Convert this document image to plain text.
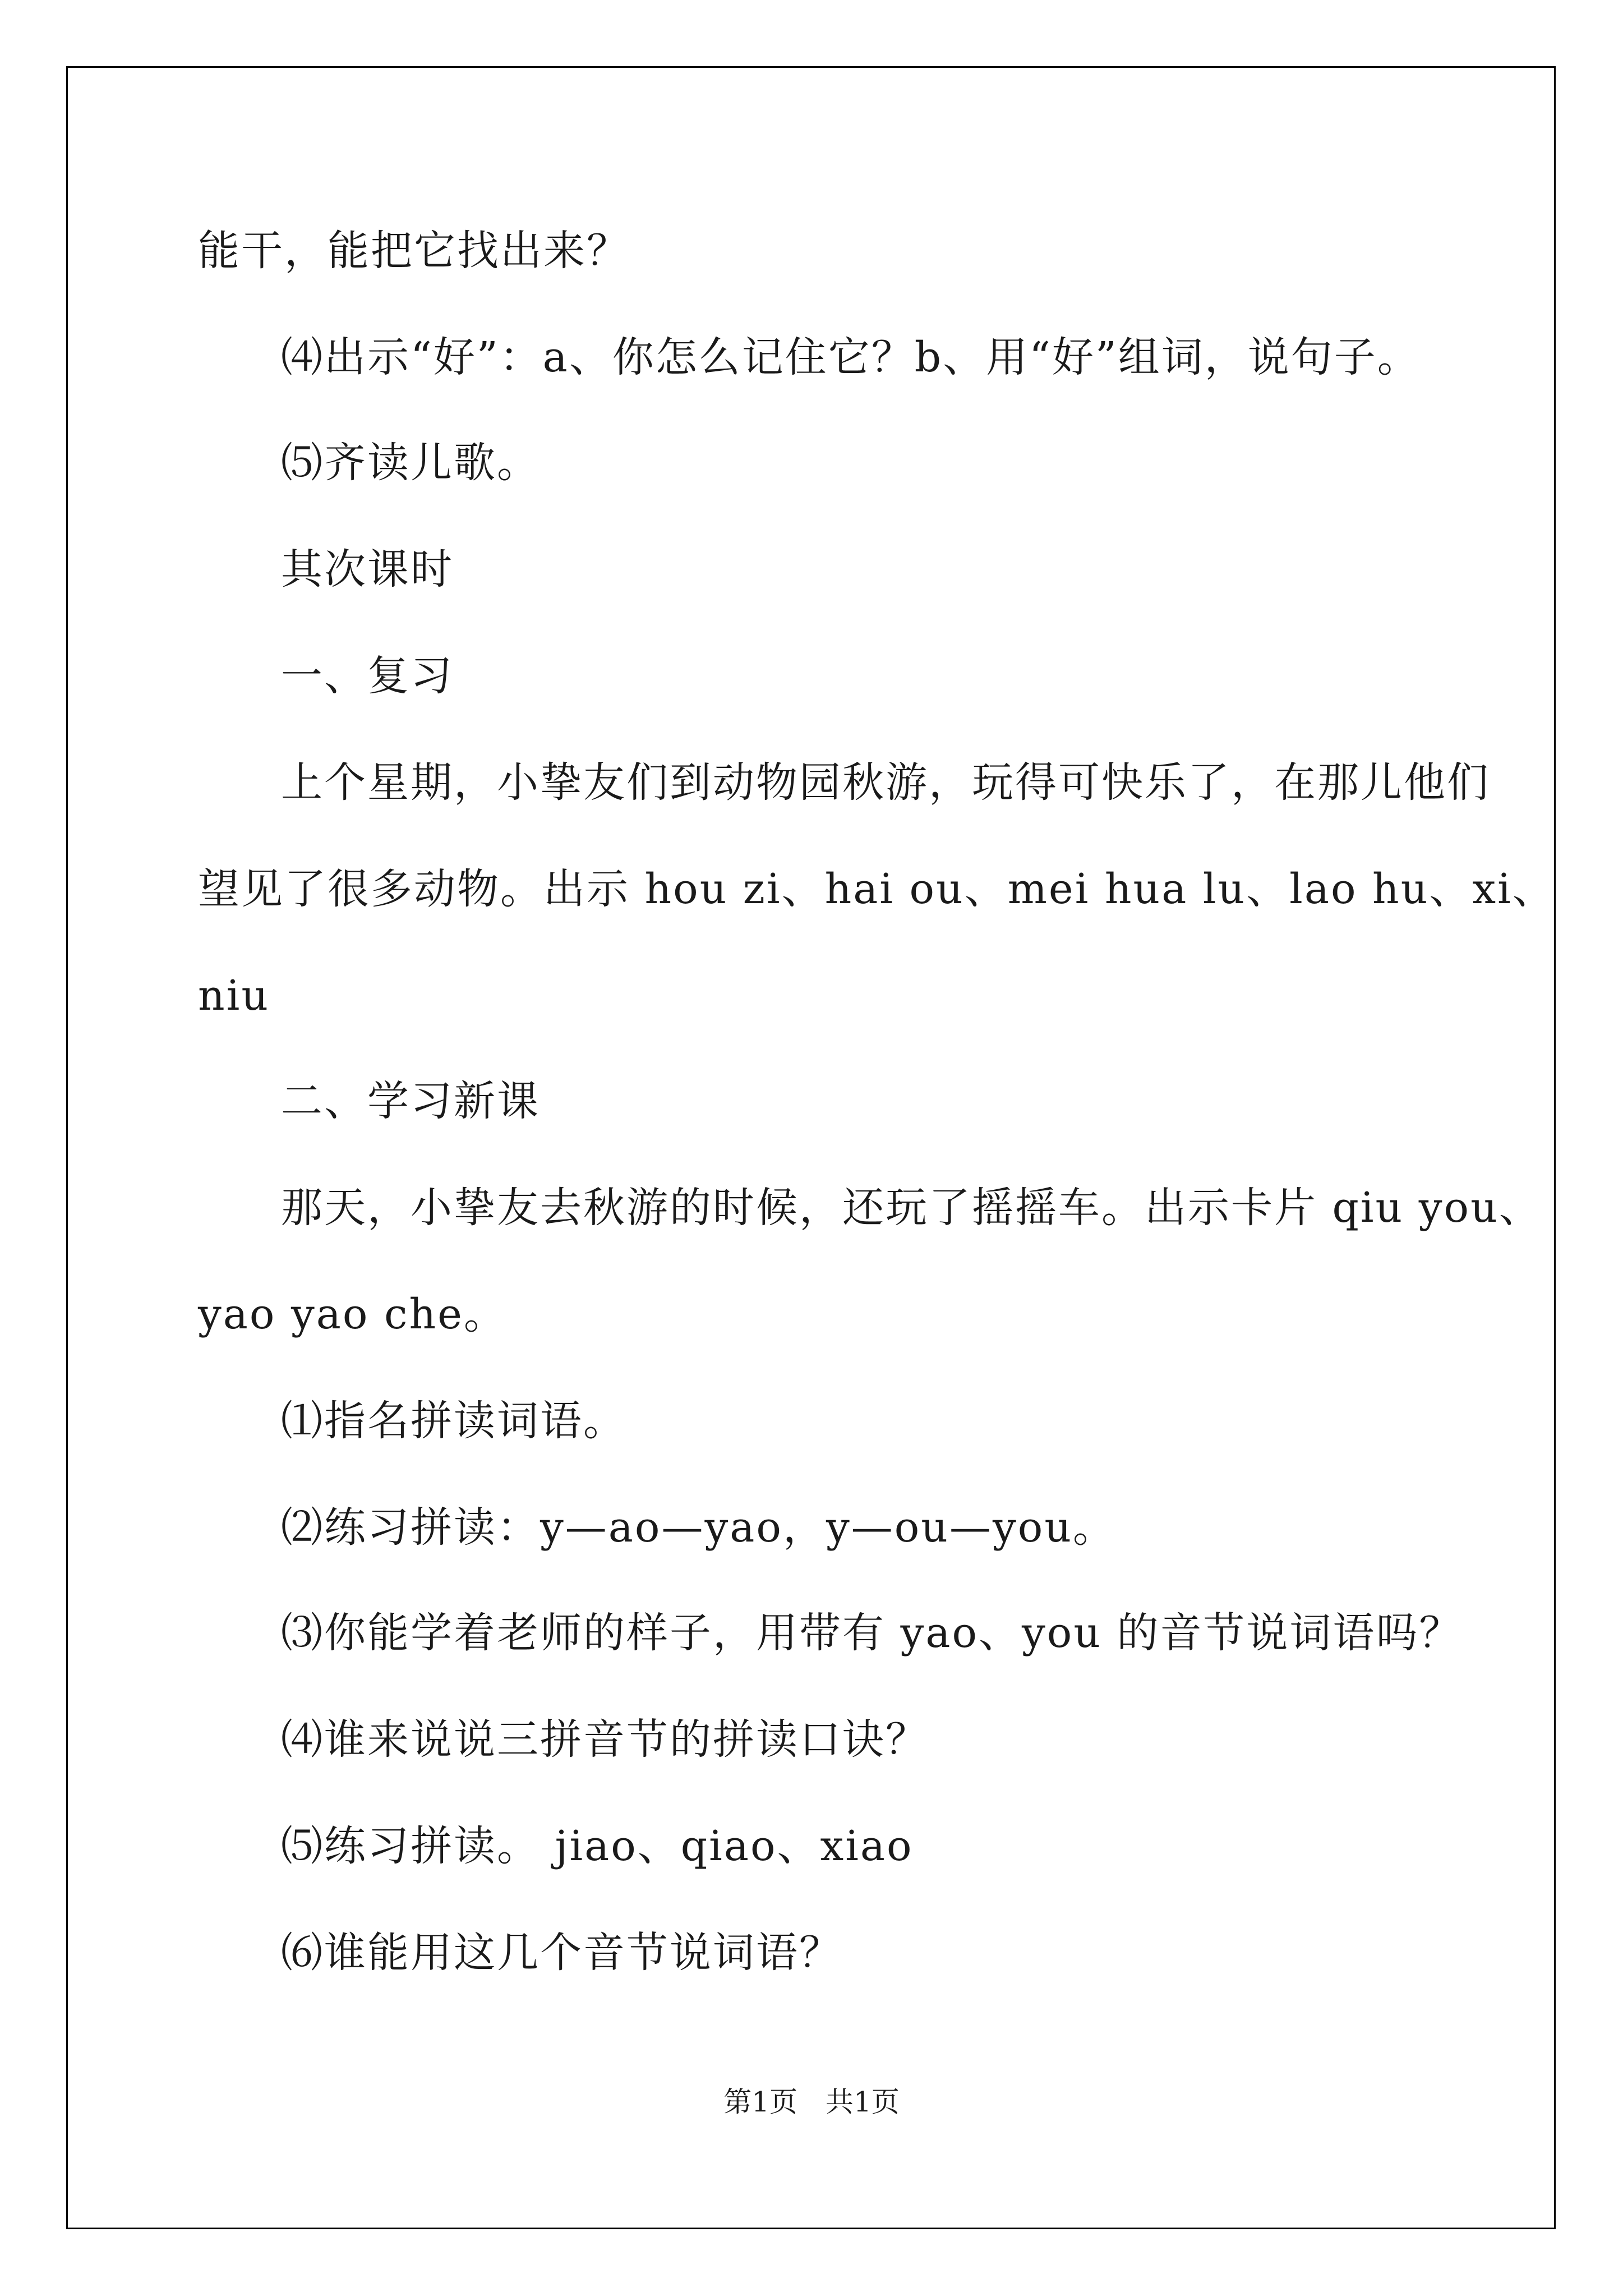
能干，能把它找出来？
⑷出示“好”：a、你怎么记住它？b、用“好”组词，说句子。
⑸齐读儿歌。
其次课时
一、复习
上个星期，小挚友们到动物园秋游，玩得可快乐了，在那儿他们
望见了很多动物。出示 hou zi、hai ou、mei hua lu、lao hu、xi、
niu
二、学习新课
那天，小挚友去秋游的时候，还玩了摇摇车。出示卡片 qiu you、
yao yao che。
⑴指名拼读词语。
⑵练习拼读：y—ao—yao，y—ou—you。
⑶你能学着老师的样子，用带有 yao、you 的音节说词语吗？
⑷谁来说说三拼音节的拼读口诀？
⑸练习拼读。 jiao、qiao、xiao
⑹谁能用这几个音节说词语？
第1页　共1页
